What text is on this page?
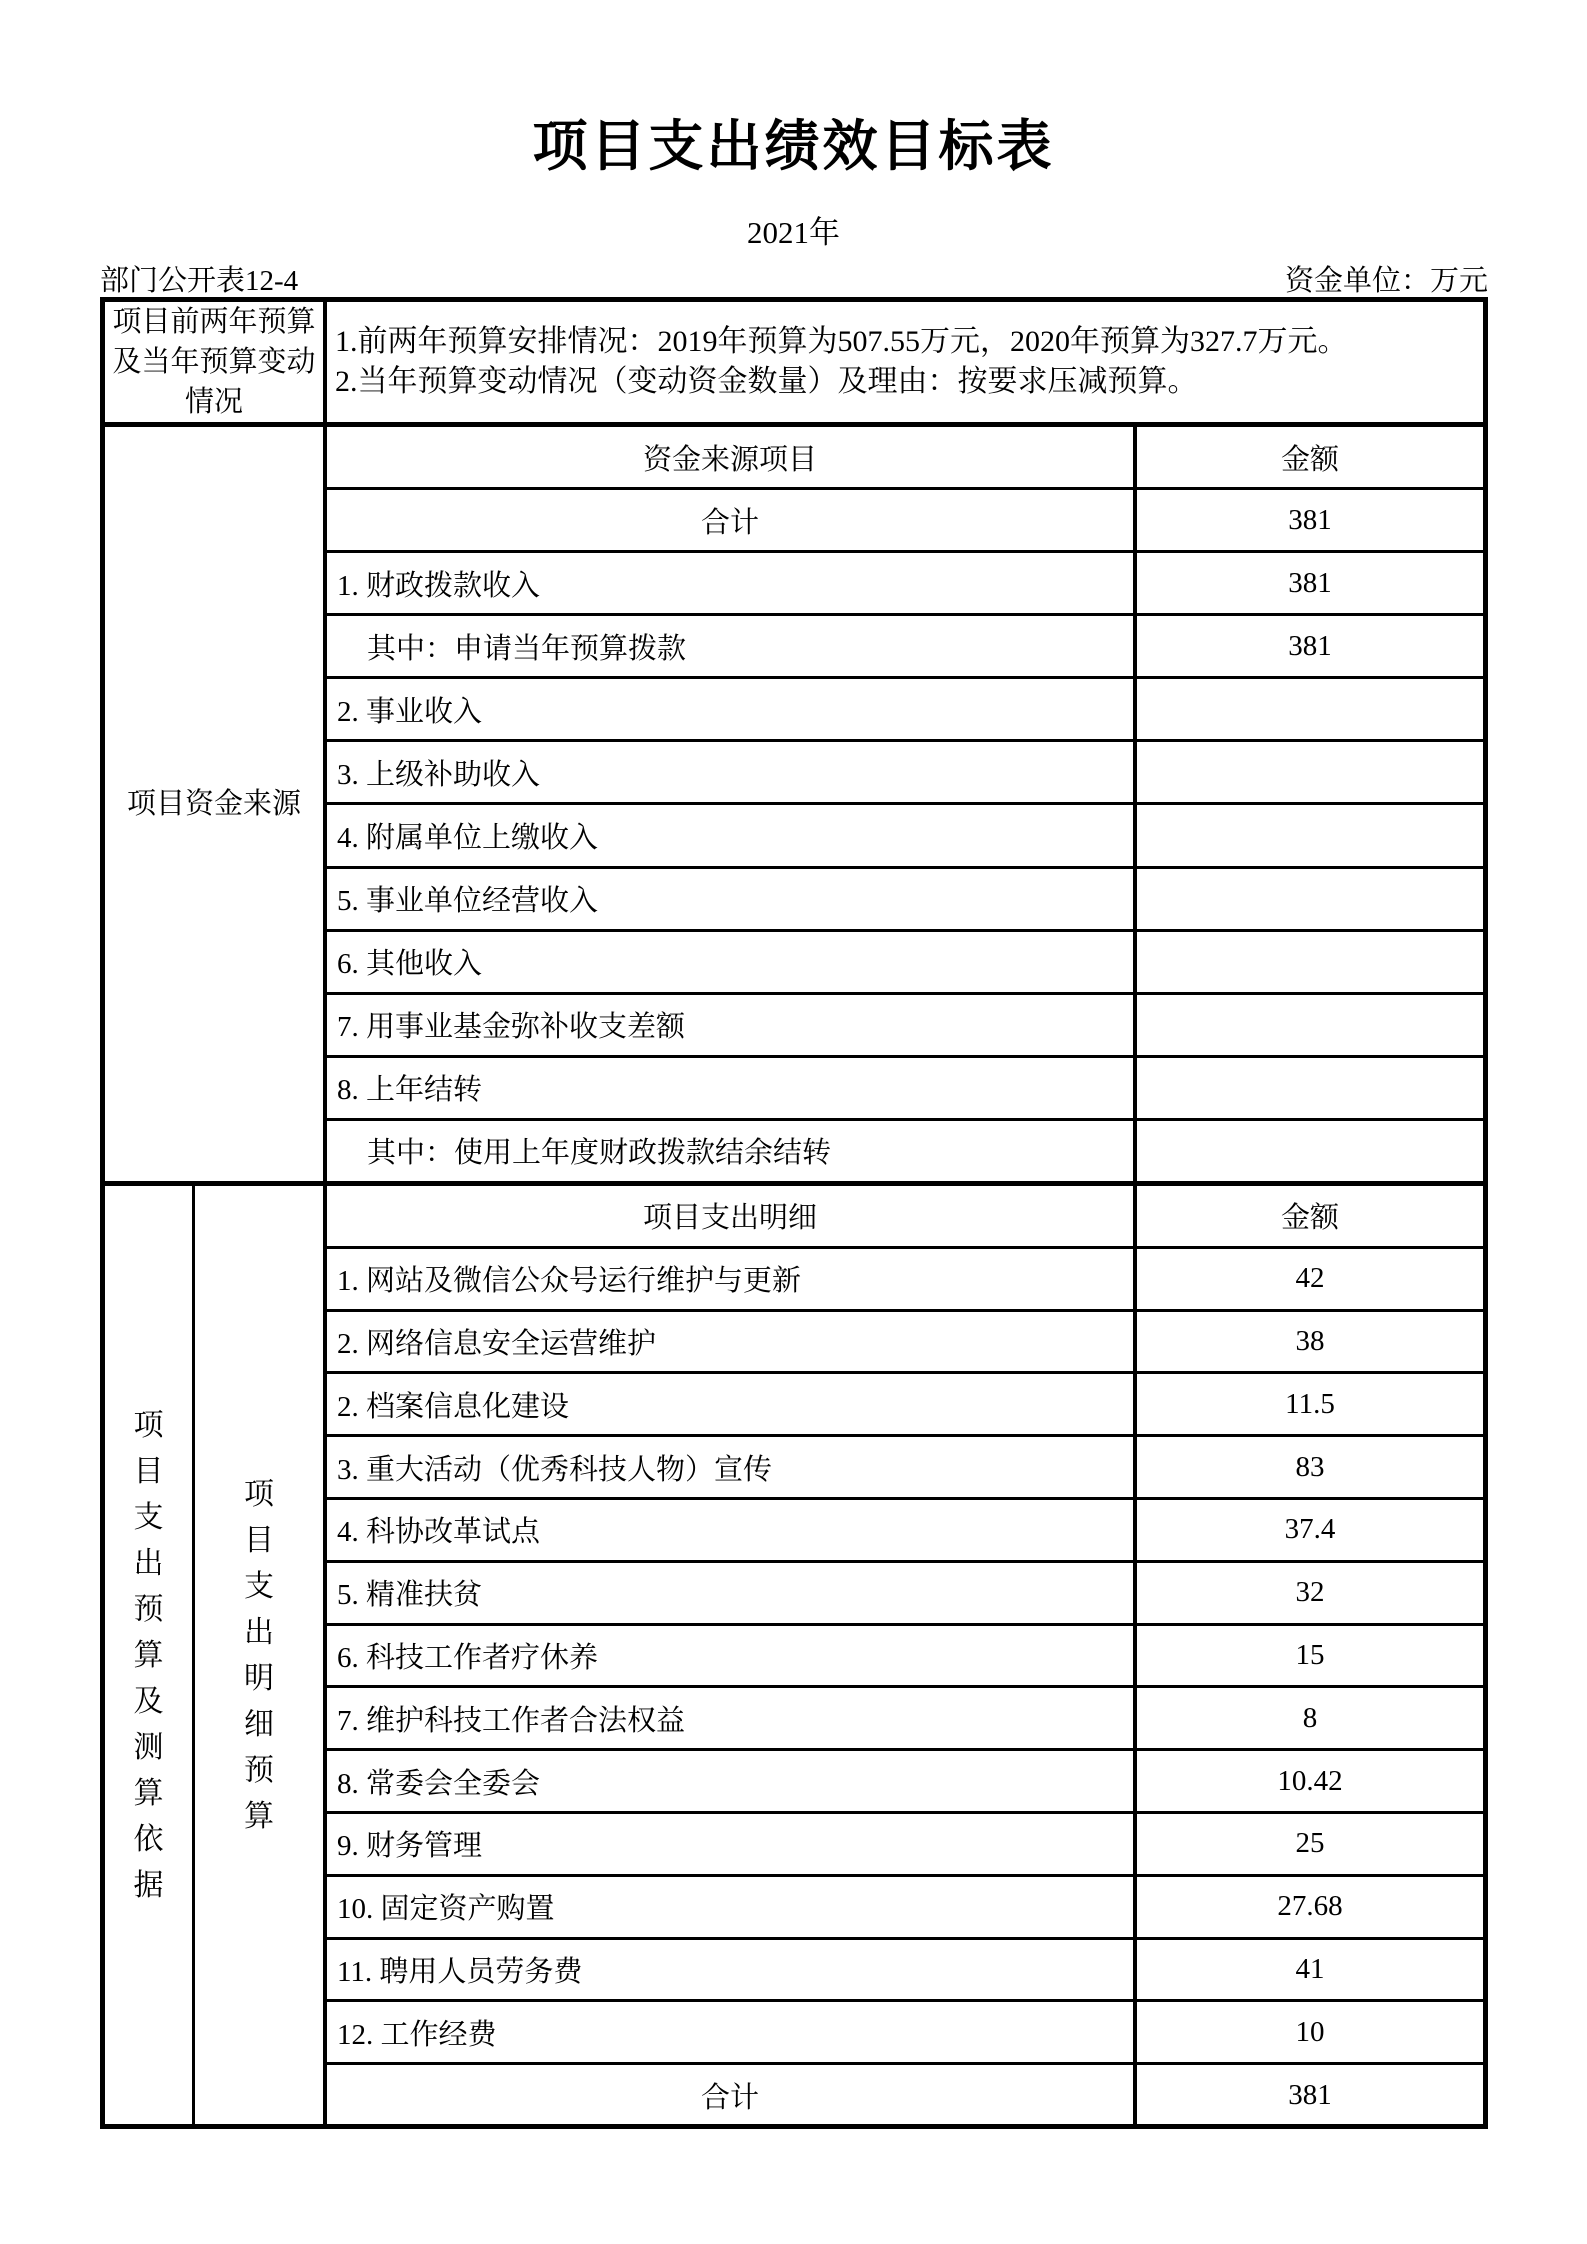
项目支出绩效目标表
2021年
部门公开表12-4	资金单位：万元
项目前两年预算
及当年预算变动
情况
1.前两年预算安排情况：2019年预算为507.55万元，2020年预算为327.7万元。
2.当年预算变动情况（变动资金数量）及理由：按要求压减预算。
项目资金来源
资金来源项目	金额
合计	381
1. 财政拨款收入	381
其中：申请当年预算拨款	381
2. 事业收入
3. 上级补助收入
4. 附属单位上缴收入
5. 事业单位经营收入
6. 其他收入
7. 用事业基金弥补收支差额
8. 上年结转
其中：使用上年度财政拨款结余结转
项
目
支
出
预
算
及
测
算
依
据
项
目
支
出
明
细
预
算
项目支出明细	金额
1. 网站及微信公众号运行维护与更新	42
2. 网络信息安全运营维护	38
2. 档案信息化建设	11.5
3. 重大活动（优秀科技人物）宣传	83
4. 科协改革试点	37.4
5. 精准扶贫	32
6. 科技工作者疗休养	15
7. 维护科技工作者合法权益	8
8. 常委会全委会	10.42
9. 财务管理	25
10. 固定资产购置	27.68
11. 聘用人员劳务费	41
12. 工作经费	10
合计	381
